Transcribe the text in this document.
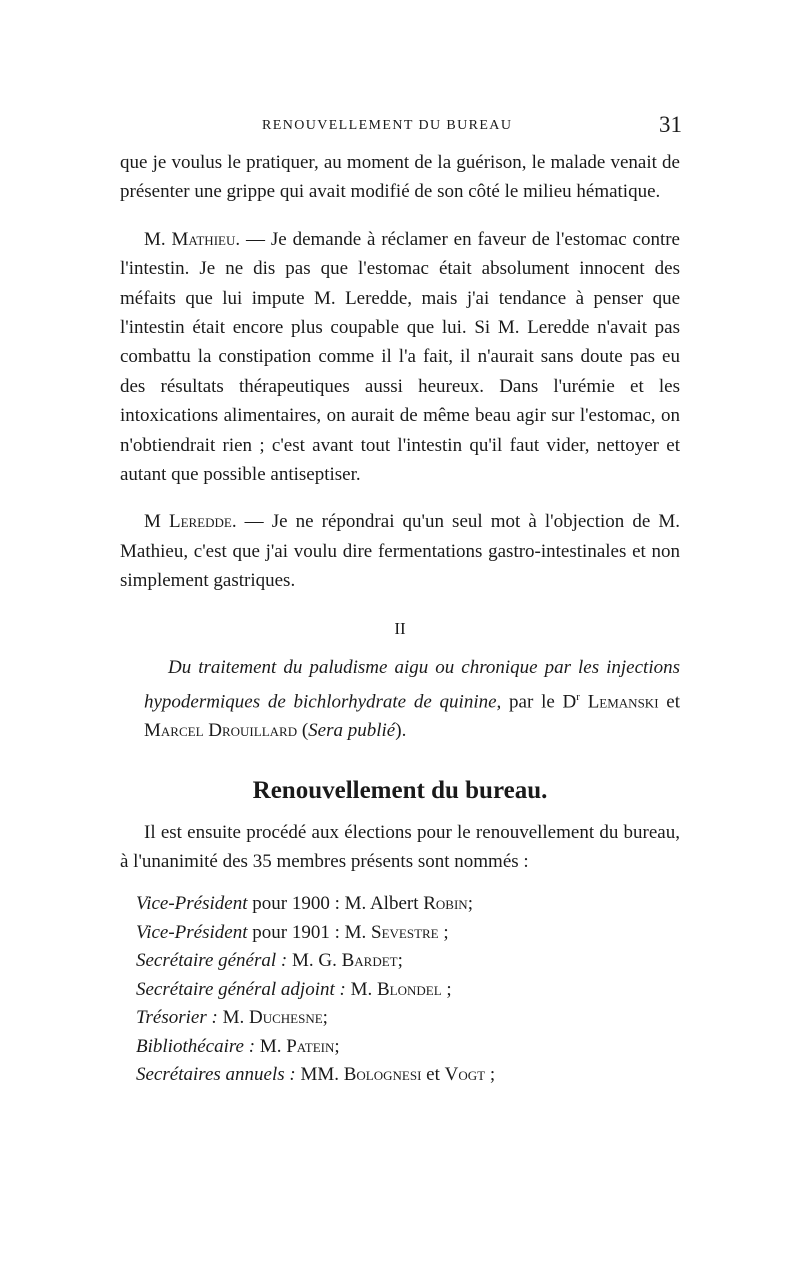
RENOUVELLEMENT DU BUREAU	31

que je voulus le pratiquer, au moment de la guérison, le malade venait de présenter une grippe qui avait modifié de son côté le milieu hématique.

M. Mathieu. — Je demande à réclamer en faveur de l'estomac contre l'intestin. Je ne dis pas que l'estomac était absolument innocent des méfaits que lui impute M. Leredde, mais j'ai tendance à penser que l'intestin était encore plus coupable que lui. Si M. Leredde n'avait pas combattu la constipation comme il l'a fait, il n'aurait sans doute pas eu des résultats thérapeutiques aussi heureux. Dans l'urémie et les intoxications alimentaires, on aurait de même beau agir sur l'estomac, on n'obtiendrait rien ; c'est avant tout l'intestin qu'il faut vider, nettoyer et autant que possible antiseptiser.

M Leredde. — Je ne répondrai qu'un seul mot à l'objection de M. Mathieu, c'est que j'ai voulu dire fermentations gastro-intestinales et non simplement gastriques.

II

Du traitement du paludisme aigu ou chronique par les injections hypodermiques de bichlorhydrate de quinine, par le $D^r$ Lemanski et Marcel Drouillard (Sera publié).

Renouvellement du bureau.

Il est ensuite procédé aux élections pour le renouvellement du bureau, à l'unanimité des 35 membres présents sont nommés :

Vice-Président pour 1900 : M. Albert Robin;
Vice-Président pour 1901 : M. Sevestre ;
Secrétaire général : M. G. Bardet;
Secrétaire général adjoint : M. Blondel ;
Trésorier : M. Duchesne;
Bibliothécaire : M. Patein;
Secrétaires annuels : MM. Bolognesi et Vogt ;
